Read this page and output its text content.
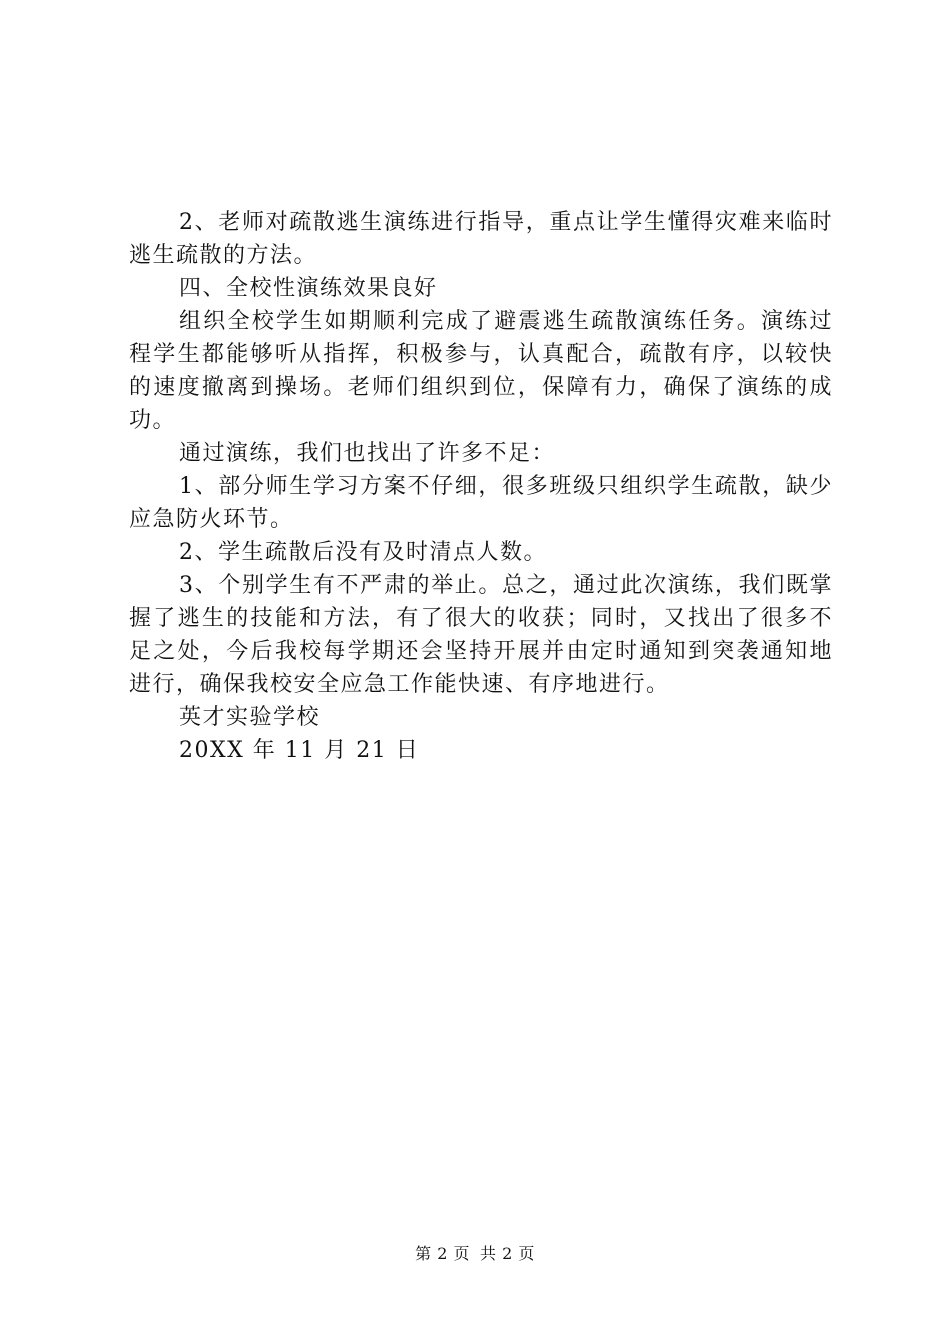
2、老师对疏散逃生演练进行指导，重点让学生懂得灾难来临时逃生疏散的方法。

四、全校性演练效果良好

组织全校学生如期顺利完成了避震逃生疏散演练任务。演练过程学生都能够听从指挥，积极参与，认真配合，疏散有序，以较快的速度撤离到操场。老师们组织到位，保障有力，确保了演练的成功。

通过演练，我们也找出了许多不足：

1、部分师生学习方案不仔细，很多班级只组织学生疏散，缺少应急防火环节。

2、学生疏散后没有及时清点人数。

3、个别学生有不严肃的举止。总之，通过此次演练，我们既掌握了逃生的技能和方法，有了很大的收获；同时，又找出了很多不足之处，今后我校每学期还会坚持开展并由定时通知到突袭通知地进行，确保我校安全应急工作能快速、有序地进行。

英才实验学校

20XX 年 11 月 21 日

第 2 页 共 2 页
